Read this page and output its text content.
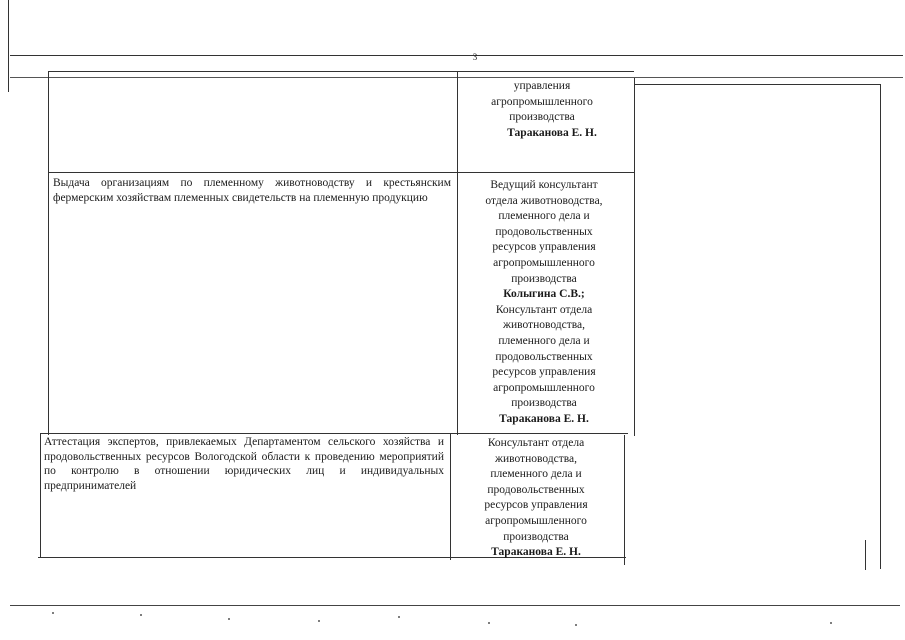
3
управления
агропромышленного
производства
Тараканова Е. Н.
Выдача организациям по племенному животноводству и крестьянским фермерским хозяйствам племенных свидетельств на племенную продукцию
Ведущий консультант
отдела животноводства,
племенного дела и
продовольственных
ресурсов управления
агропромышленного
производства
Колыгина С.В.;
Консультант отдела
животноводства,
племенного дела и
продовольственных
ресурсов управления
агропромышленного
производства
Тараканова Е. Н.
Аттестация экспертов, привлекаемых Департаментом сельского хозяйства и продовольственных ресурсов Вологодской области к проведению мероприятий по контролю в отношении юридических лиц и индивидуальных предпринимателей
Консультант отдела
животноводства,
племенного дела и
продовольственных
ресурсов управления
агропромышленного
производства
Тараканова Е. Н.
